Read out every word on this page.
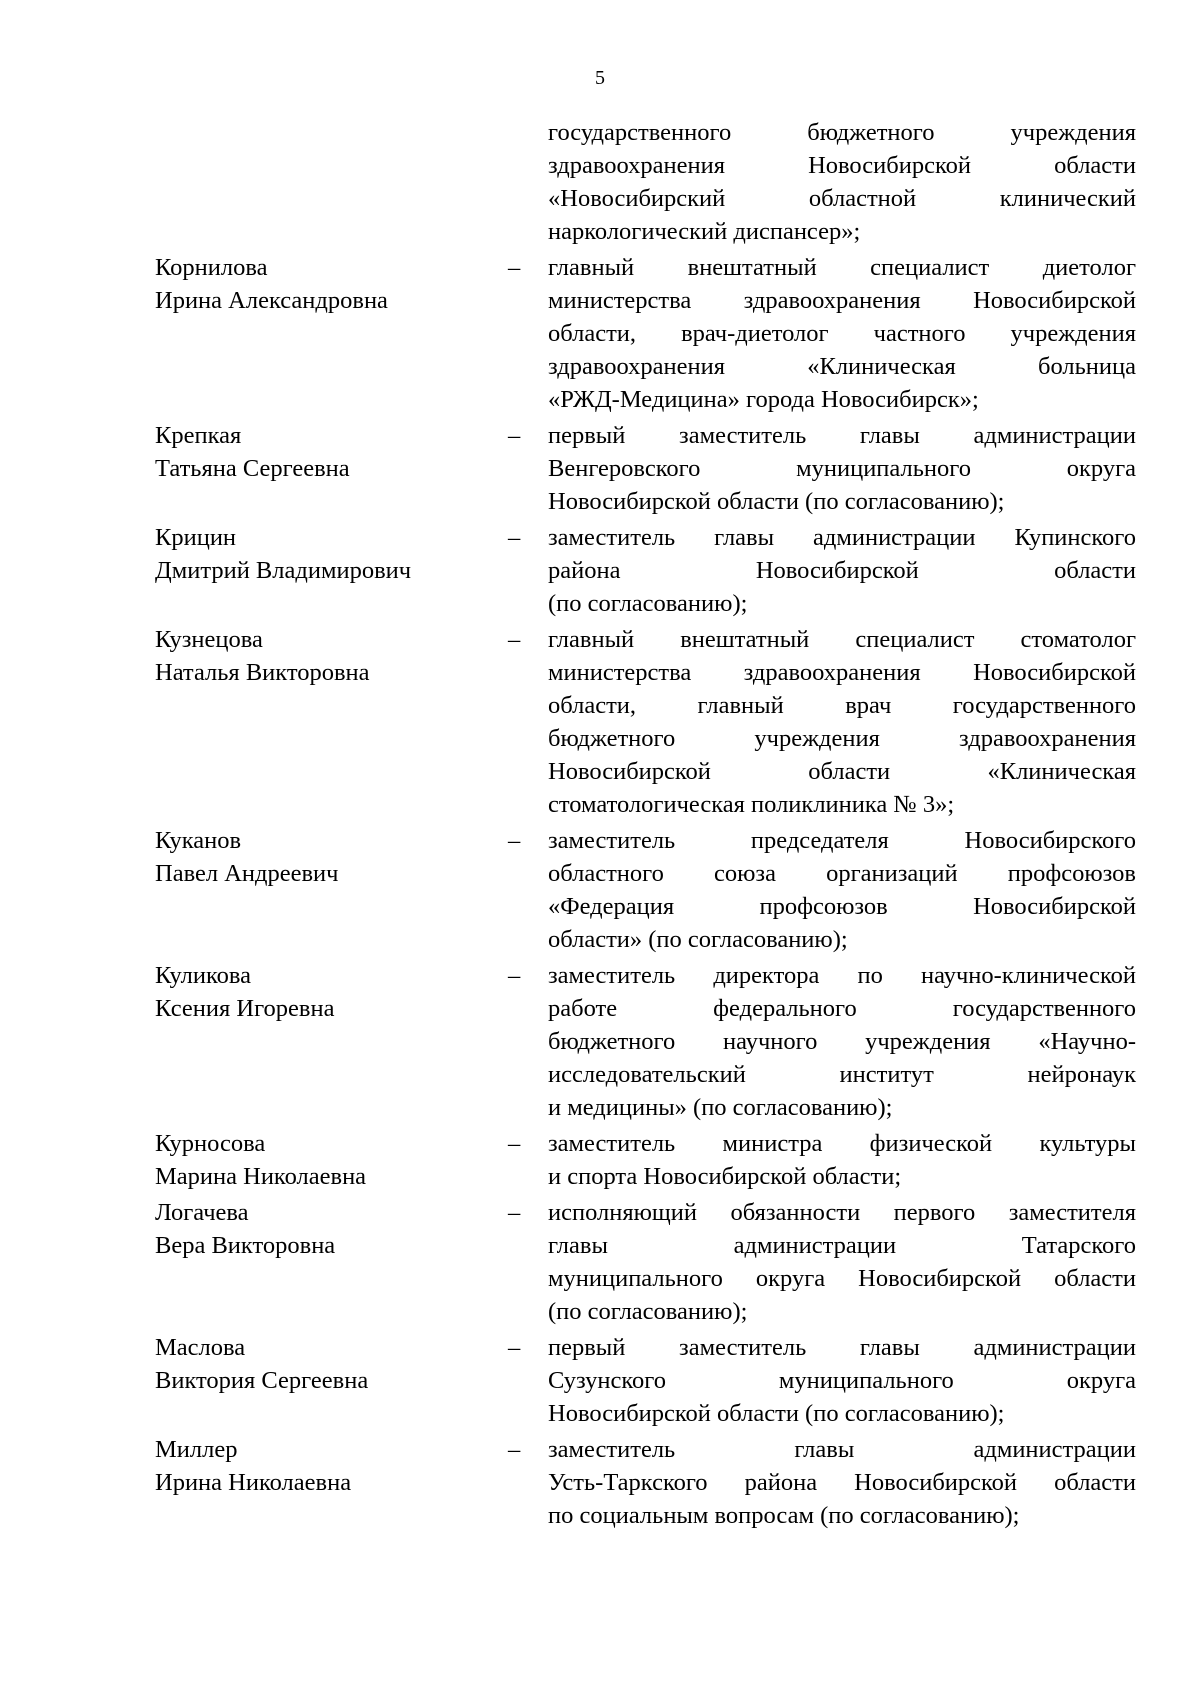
5
государственного бюджетного учреждения
здравоохранения Новосибирской области
«Новосибирский областной клинический
наркологический диспансер»;
Корнилова
Ирина Александровна
– главный внештатный специалист диетолог
министерства здравоохранения Новосибирской
области, врач-диетолог частного учреждения
здравоохранения «Клиническая больница
«РЖД-Медицина» города Новосибирск»;
Крепкая
Татьяна Сергеевна
– первый заместитель главы администрации
Венгеровского муниципального округа
Новосибирской области (по согласованию);
Крицин
Дмитрий Владимирович
– заместитель главы администрации Купинского
района Новосибирской области
(по согласованию);
Кузнецова
Наталья Викторовна
– главный внештатный специалист стоматолог
министерства здравоохранения Новосибирской
области, главный врач государственного
бюджетного учреждения здравоохранения
Новосибирской области «Клиническая
стоматологическая поликлиника № 3»;
Куканов
Павел Андреевич
– заместитель председателя Новосибирского
областного союза организаций профсоюзов
«Федерация профсоюзов Новосибирской
области» (по согласованию);
Куликова
Ксения Игоревна
– заместитель директора по научно-клинической
работе федерального государственного
бюджетного научного учреждения «Научно-
исследовательский институт нейронаук
и медицины» (по согласованию);
Курносова
Марина Николаевна
– заместитель министра физической культуры
и спорта Новосибирской области;
Логачева
Вера Викторовна
– исполняющий обязанности первого заместителя
главы администрации Татарского
муниципального округа Новосибирской области
(по согласованию);
Маслова
Виктория Сергеевна
– первый заместитель главы администрации
Сузунского муниципального округа
Новосибирской области (по согласованию);
Миллер
Ирина Николаевна
– заместитель главы администрации
Усть-Таркского района Новосибирской области
по социальным вопросам (по согласованию);
